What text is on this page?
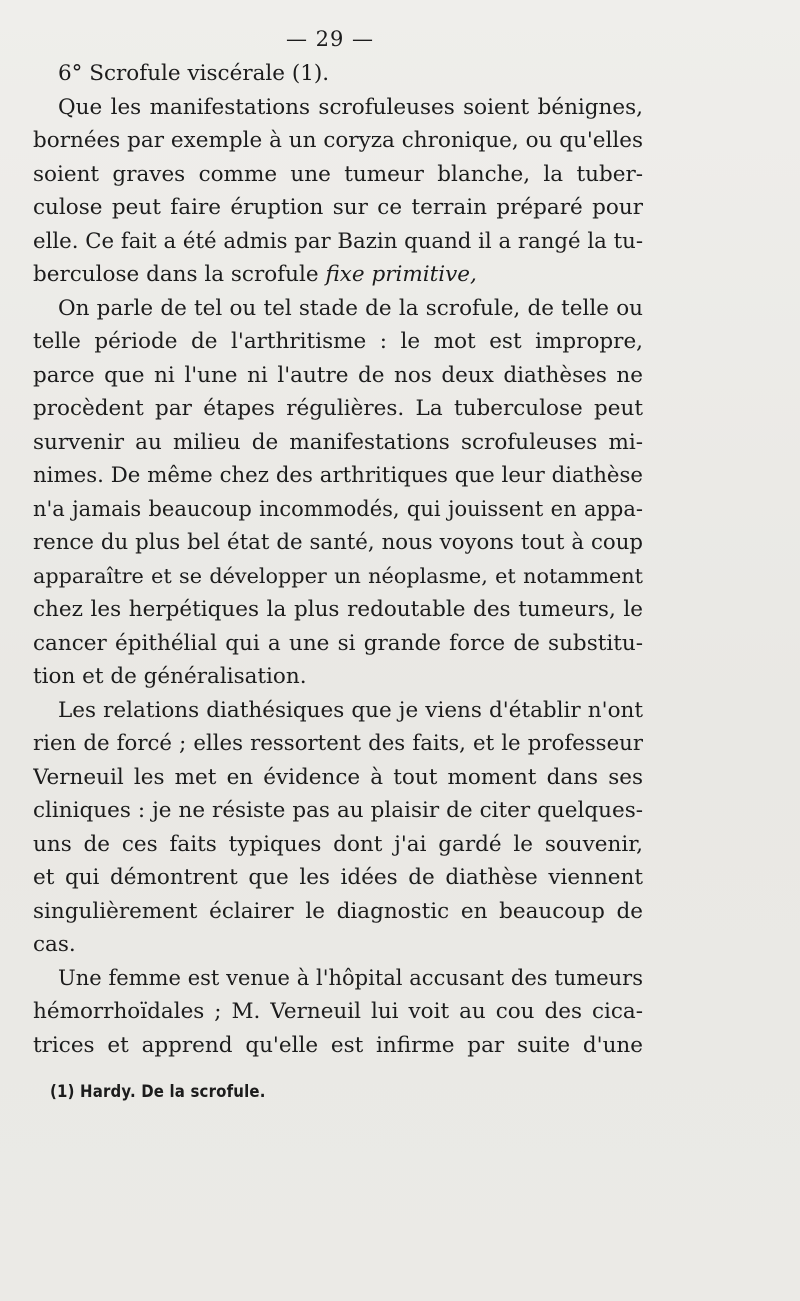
— 29 —
6° Scrofule viscérale (1).
Que les manifestations scrofuleuses soient bénignes,
bornées par exemple à un coryza chronique, ou qu'elles
soient graves comme une tumeur blanche, la tuber-
culose peut faire éruption sur ce terrain préparé pour
elle. Ce fait a été admis par Bazin quand il a rangé la tu-
berculose dans la scrofule fixe primitive,
On parle de tel ou tel stade de la scrofule, de telle ou
telle période de l'arthritisme : le mot est impropre,
parce que ni l'une ni l'autre de nos deux diathèses ne
procèdent par étapes régulières. La tuberculose peut
survenir au milieu de manifestations scrofuleuses mi-
nimes. De même chez des arthritiques que leur diathèse
n'a jamais beaucoup incommodés, qui jouissent en appa-
rence du plus bel état de santé, nous voyons tout à coup
apparaître et se développer un néoplasme, et notamment
chez les herpétiques la plus redoutable des tumeurs, le
cancer épithélial qui a une si grande force de substitu-
tion et de généralisation.
Les relations diathésiques que je viens d'établir n'ont
rien de forcé ; elles ressortent des faits, et le professeur
Verneuil les met en évidence à tout moment dans ses
cliniques : je ne résiste pas au plaisir de citer quelques-
uns de ces faits typiques dont j'ai gardé le souvenir,
et qui démontrent que les idées de diathèse viennent
singulièrement éclairer le diagnostic en beaucoup de
cas.
Une femme est venue à l'hôpital accusant des tumeurs
hémorrhoïdales ; M. Verneuil lui voit au cou des cica-
trices et apprend qu'elle est infirme par suite d'une
(1) Hardy. De la scrofule.
